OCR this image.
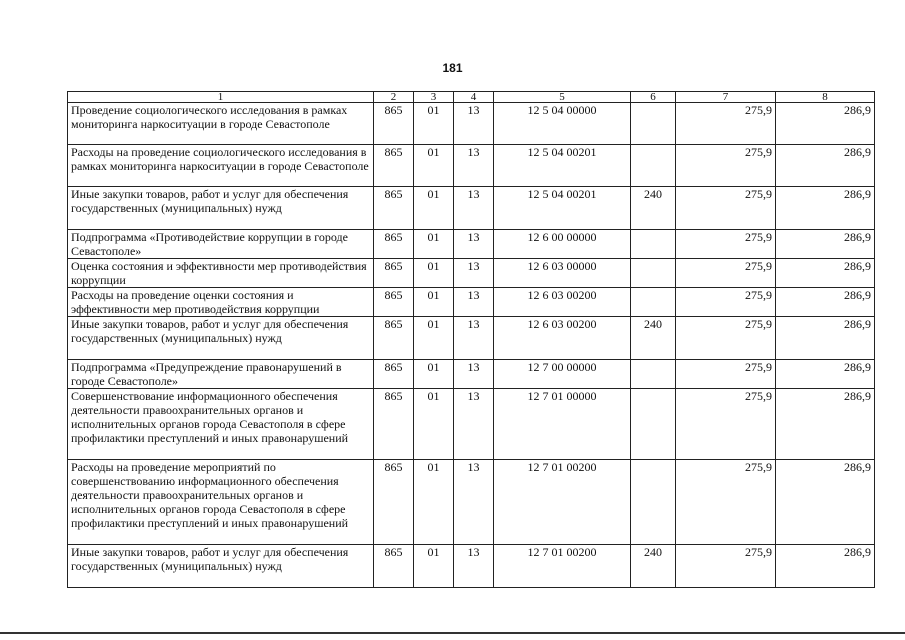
181
1	2	3	4	5	6	7	8
Проведение социологического исследования в рамках мониторинга наркоситуации в городе Севастополе	865	01	13	12 5 04 00000		275,9	286,9
Расходы на проведение социологического исследования в рамках мониторинга наркоситуации в городе Севастополе	865	01	13	12 5 04 00201		275,9	286,9
Иные закупки товаров, работ и услуг для обеспечения государственных (муниципальных) нужд	865	01	13	12 5 04 00201	240	275,9	286,9
Подпрограмма «Противодействие коррупции в городе Севастополе»	865	01	13	12 6 00 00000		275,9	286,9
Оценка состояния и эффективности мер противодействия коррупции	865	01	13	12 6 03 00000		275,9	286,9
Расходы на проведение оценки состояния и эффективности мер противодействия коррупции	865	01	13	12 6 03 00200		275,9	286,9
Иные закупки товаров, работ и услуг для обеспечения государственных (муниципальных) нужд	865	01	13	12 6 03 00200	240	275,9	286,9
Подпрограмма «Предупреждение правонарушений в городе Севастополе»	865	01	13	12 7 00 00000		275,9	286,9
Совершенствование информационного обеспечения деятельности правоохранительных органов и исполнительных органов города Севастополя в сфере профилактики преступлений и иных правонарушений	865	01	13	12 7 01 00000		275,9	286,9
Расходы на проведение мероприятий по совершенствованию информационного обеспечения деятельности правоохранительных органов и исполнительных органов города Севастополя в сфере профилактики преступлений и иных правонарушений	865	01	13	12 7 01 00200		275,9	286,9
Иные закупки товаров, работ и услуг для обеспечения государственных (муниципальных) нужд	865	01	13	12 7 01 00200	240	275,9	286,9
